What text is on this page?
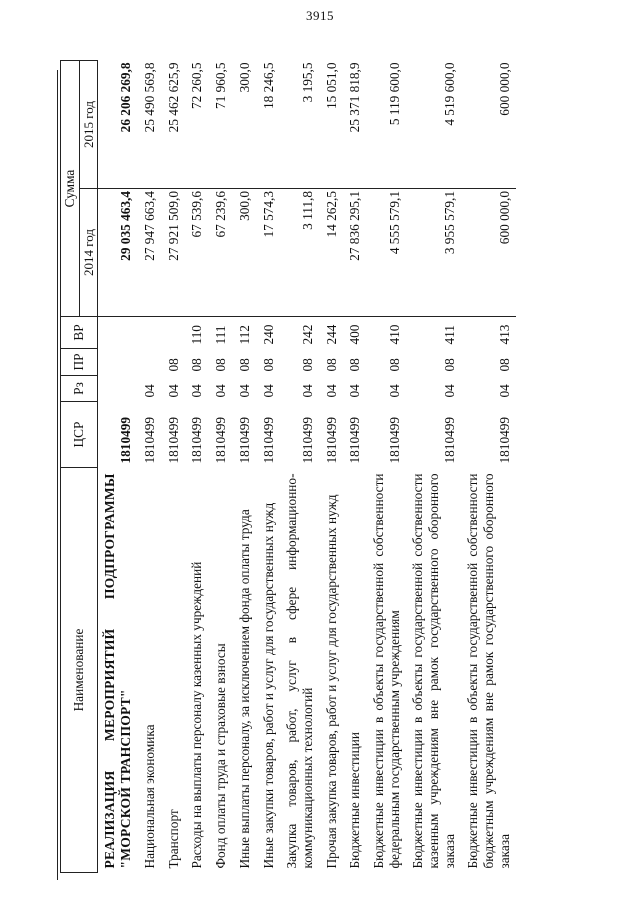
3915
Наименование	ЦСР	Рз	ПР	ВР	Сумма	
					2014 год	2015 год
РЕАЛИЗАЦИЯ МЕРОПРИЯТИЙ ПОДПРОГРАММЫ "МОРСКОЙ ТРАНСПОРТ"	1810499				29 035 463,4	26 206 269,8
Национальная экономика	1810499	04			27 947 663,4	25 490 569,8
Транспорт	1810499	04	08		27 921 509,0	25 462 625,9
Расходы на выплаты персоналу казенных учреждений	1810499	04	08	110	67 539,6	72 260,5
Фонд оплаты труда и страховые взносы	1810499	04	08	111	67 239,6	71 960,5
Иные выплаты персоналу, за исключением фонда оплаты труда	1810499	04	08	112	300,0	300,0
Иные закупки товаров, работ и услуг для государственных нужд	1810499	04	08	240	17 574,3	18 246,5
Закупка товаров, работ, услуг в сфере информационно-коммуникационных технологий	1810499	04	08	242	3 111,8	3 195,5
Прочая закупка товаров, работ и услуг для государственных нужд	1810499	04	08	244	14 262,5	15 051,0
Бюджетные инвестиции	1810499	04	08	400	27 836 295,1	25 371 818,9
Бюджетные инвестиции в объекты государственной собственности федеральным государственным учреждениям	1810499	04	08	410	4 555 579,1	5 119 600,0
Бюджетные инвестиции в объекты государственной собственности казенным учреждениям вне рамок государственного оборонного заказа	1810499	04	08	411	3 955 579,1	4 519 600,0
Бюджетные инвестиции в объекты государственной собственности бюджетным учреждениям вне рамок государственного оборонного заказа	1810499	04	08	413	600 000,0	600 000,0
